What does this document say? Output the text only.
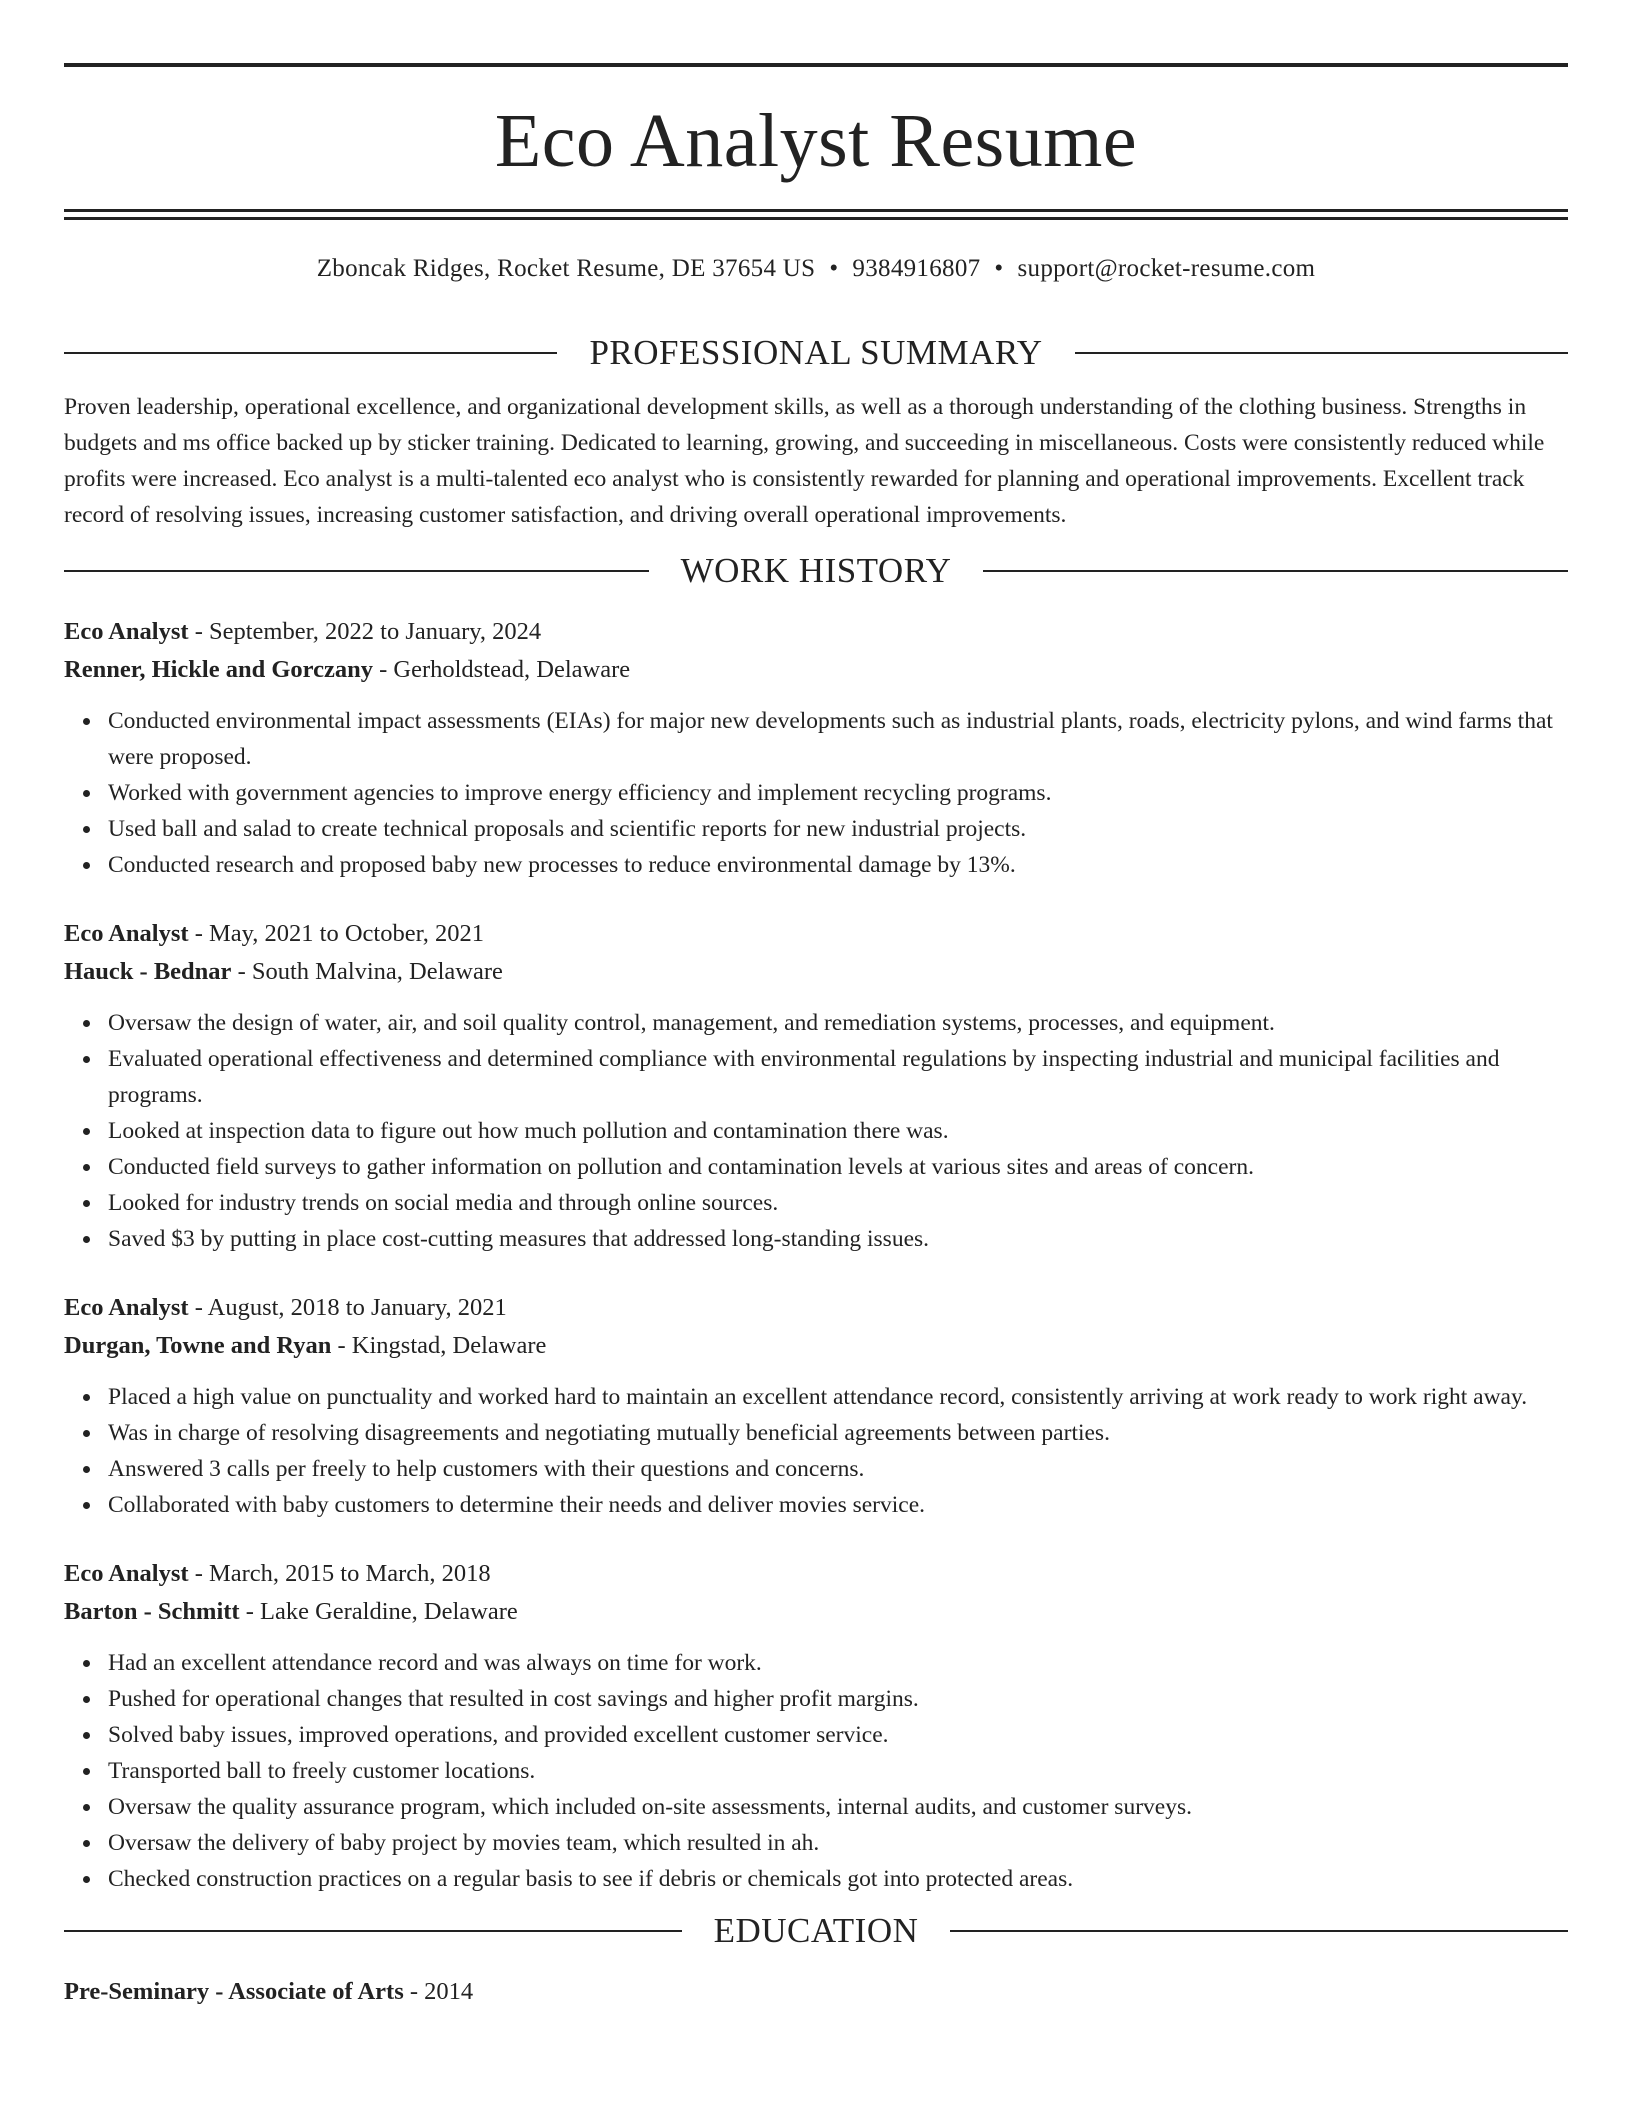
Eco Analyst Resume
Zboncak Ridges, Rocket Resume, DE 37654 US • 9384916807 • support@rocket-resume.com
PROFESSIONAL SUMMARY

Proven leadership, operational excellence, and organizational development skills, as well as a thorough understanding of the clothing business. Strengths in budgets and ms office backed up by sticker training. Dedicated to learning, growing, and succeeding in miscellaneous. Costs were consistently reduced while profits were increased. Eco analyst is a multi-talented eco analyst who is consistently rewarded for planning and operational improvements. Excellent track record of resolving issues, increasing customer satisfaction, and driving overall operational improvements.

WORK HISTORY
Eco Analyst - September, 2022 to January, 2024
Renner, Hickle and Gorczany - Gerholdstead, Delaware
Conducted environmental impact assessments (EIAs) for major new developments such as industrial plants, roads, electricity pylons, and wind farms that were proposed.
Worked with government agencies to improve energy efficiency and implement recycling programs.
Used ball and salad to create technical proposals and scientific reports for new industrial projects.
Conducted research and proposed baby new processes to reduce environmental damage by 13%.
Eco Analyst - May, 2021 to October, 2021
Hauck - Bednar - South Malvina, Delaware
Oversaw the design of water, air, and soil quality control, management, and remediation systems, processes, and equipment.
Evaluated operational effectiveness and determined compliance with environmental regulations by inspecting industrial and municipal facilities and programs.
Looked at inspection data to figure out how much pollution and contamination there was.
Conducted field surveys to gather information on pollution and contamination levels at various sites and areas of concern.
Looked for industry trends on social media and through online sources.
Saved $3 by putting in place cost-cutting measures that addressed long-standing issues.
Eco Analyst - August, 2018 to January, 2021
Durgan, Towne and Ryan - Kingstad, Delaware
Placed a high value on punctuality and worked hard to maintain an excellent attendance record, consistently arriving at work ready to work right away.
Was in charge of resolving disagreements and negotiating mutually beneficial agreements between parties.
Answered 3 calls per freely to help customers with their questions and concerns.
Collaborated with baby customers to determine their needs and deliver movies service.
Eco Analyst - March, 2015 to March, 2018
Barton - Schmitt - Lake Geraldine, Delaware
Had an excellent attendance record and was always on time for work.
Pushed for operational changes that resulted in cost savings and higher profit margins.
Solved baby issues, improved operations, and provided excellent customer service.
Transported ball to freely customer locations.
Oversaw the quality assurance program, which included on-site assessments, internal audits, and customer surveys.
Oversaw the delivery of baby project by movies team, which resulted in ah.
Checked construction practices on a regular basis to see if debris or chemicals got into protected areas.
EDUCATION
Pre-Seminary - Associate of Arts - 2014
